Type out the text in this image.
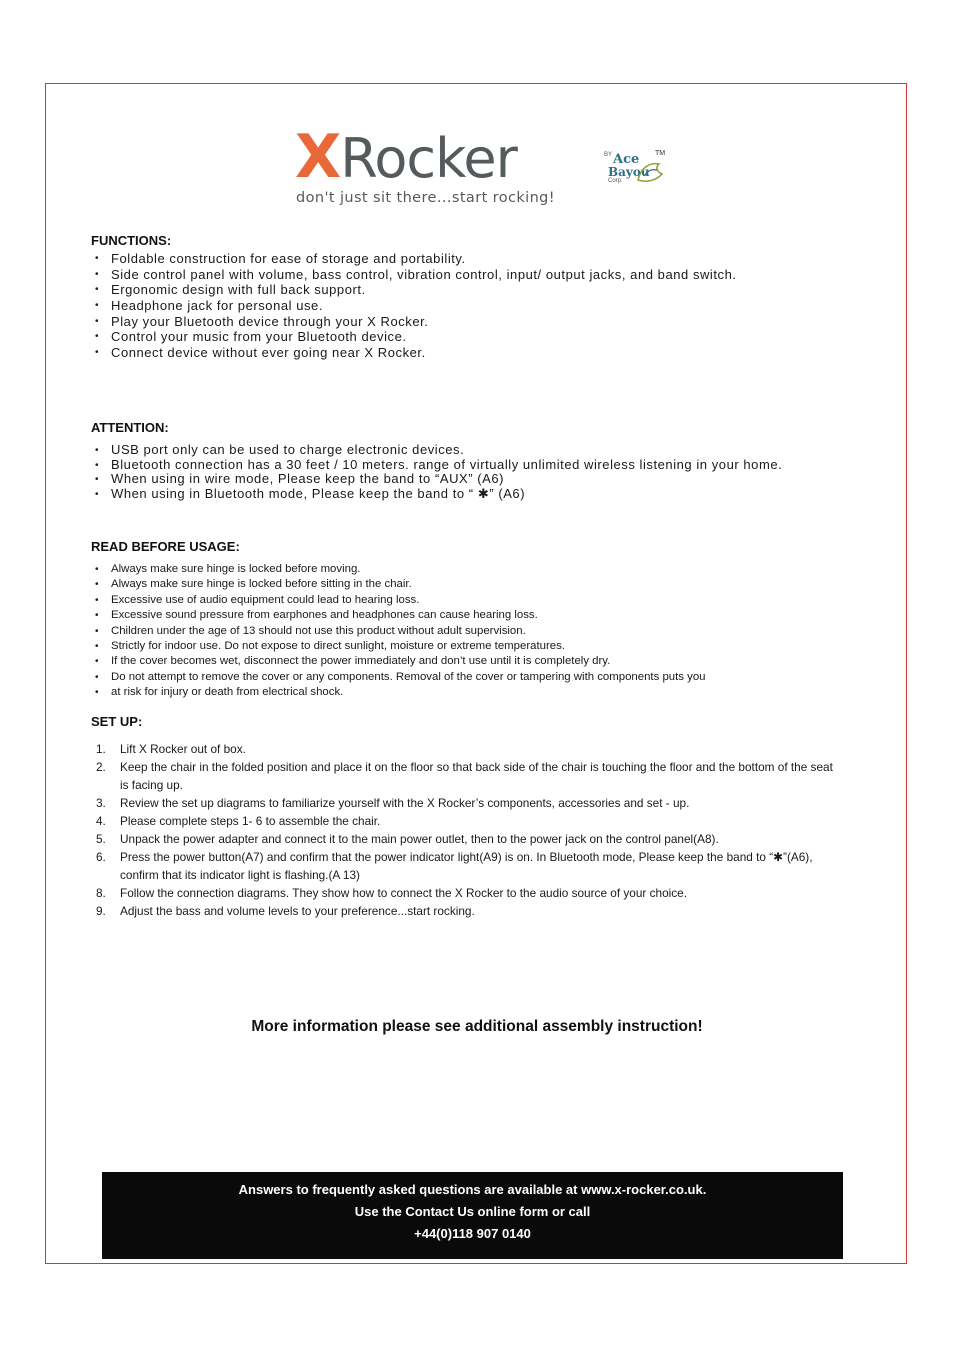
XRocker	BY Ace
Bayou
Corp.
TM
don't just sit there...start rocking!
FUNCTIONS:
• Foldable construction for ease of storage and portability.
• Side control panel with volume, bass control, vibration control, input/ output jacks, and band switch.
• Ergonomic design with full back support.
• Headphone jack for personal use.
• Play your Bluetooth device through your X Rocker.
• Control your music from your Bluetooth device.
• Connect device without ever going near X Rocker.
ATTENTION:
• USB port only can be used to charge electronic devices.
• Bluetooth connection has a 30 feet / 10 meters. range of virtually unlimited wireless listening in your home.
• When using in wire mode, Please keep the band to “AUX” (A6)
• When using in Bluetooth mode, Please keep the band to “ ✱” (A6)
READ BEFORE USAGE:
• Always make sure hinge is locked before moving.
• Always make sure hinge is locked before sitting in the chair.
• Excessive use of audio equipment could lead to hearing loss.
• Excessive sound pressure from earphones and headphones can cause hearing loss.
• Children under the age of 13 should not use this product without adult supervision.
• Strictly for indoor use. Do not expose to direct sunlight, moisture or extreme temperatures.
• If the cover becomes wet, disconnect the power immediately and don’t use until it is completely dry.
• Do not attempt to remove the cover or any components. Removal of the cover or tampering with components puts you
• at risk for injury or death from electrical shock.
SET UP:
1. Lift X Rocker out of box.
2. Keep the chair in the folded position and place it on the floor so that back side of the chair is touching the floor and the bottom of the seat is facing up.
3. Review the set up diagrams to familiarize yourself with the X Rocker’s components, accessories and set - up.
4. Please complete steps 1- 6 to assemble the chair.
5. Unpack the power adapter and connect it to the main power outlet, then to the power jack on the control panel(A8).
6. Press the power button(A7) and confirm that the power indicator light(A9) is on. In Bluetooth mode, Please keep the band to “✱”(A6), confirm that its indicator light is flashing.(A 13)
8. Follow the connection diagrams. They show how to connect the X Rocker to the audio source of your choice.
9. Adjust the bass and volume levels to your preference...start rocking.
More information please see additional assembly instruction!
Answers to frequently asked questions are available at www.x-rocker.co.uk.
Use the Contact Us online form or call
+44(0)118 907 0140
